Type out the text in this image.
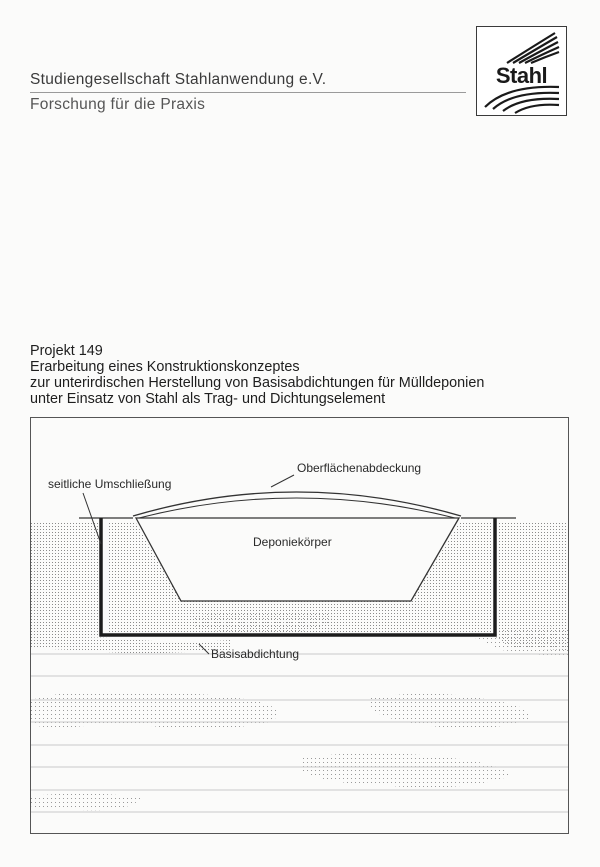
Studiengesellschaft Stahlanwendung e.V.
Forschung für die Praxis
Stahl
Projekt 149
Erarbeitung eines Konstruktionskonzeptes
zur unterirdischen Herstellung von Basisabdichtungen für Mülldeponien
unter Einsatz von Stahl als Trag- und Dichtungselement
Oberflächenabdeckung
seitliche Umschließung
Deponiekörper
Basisabdichtung
